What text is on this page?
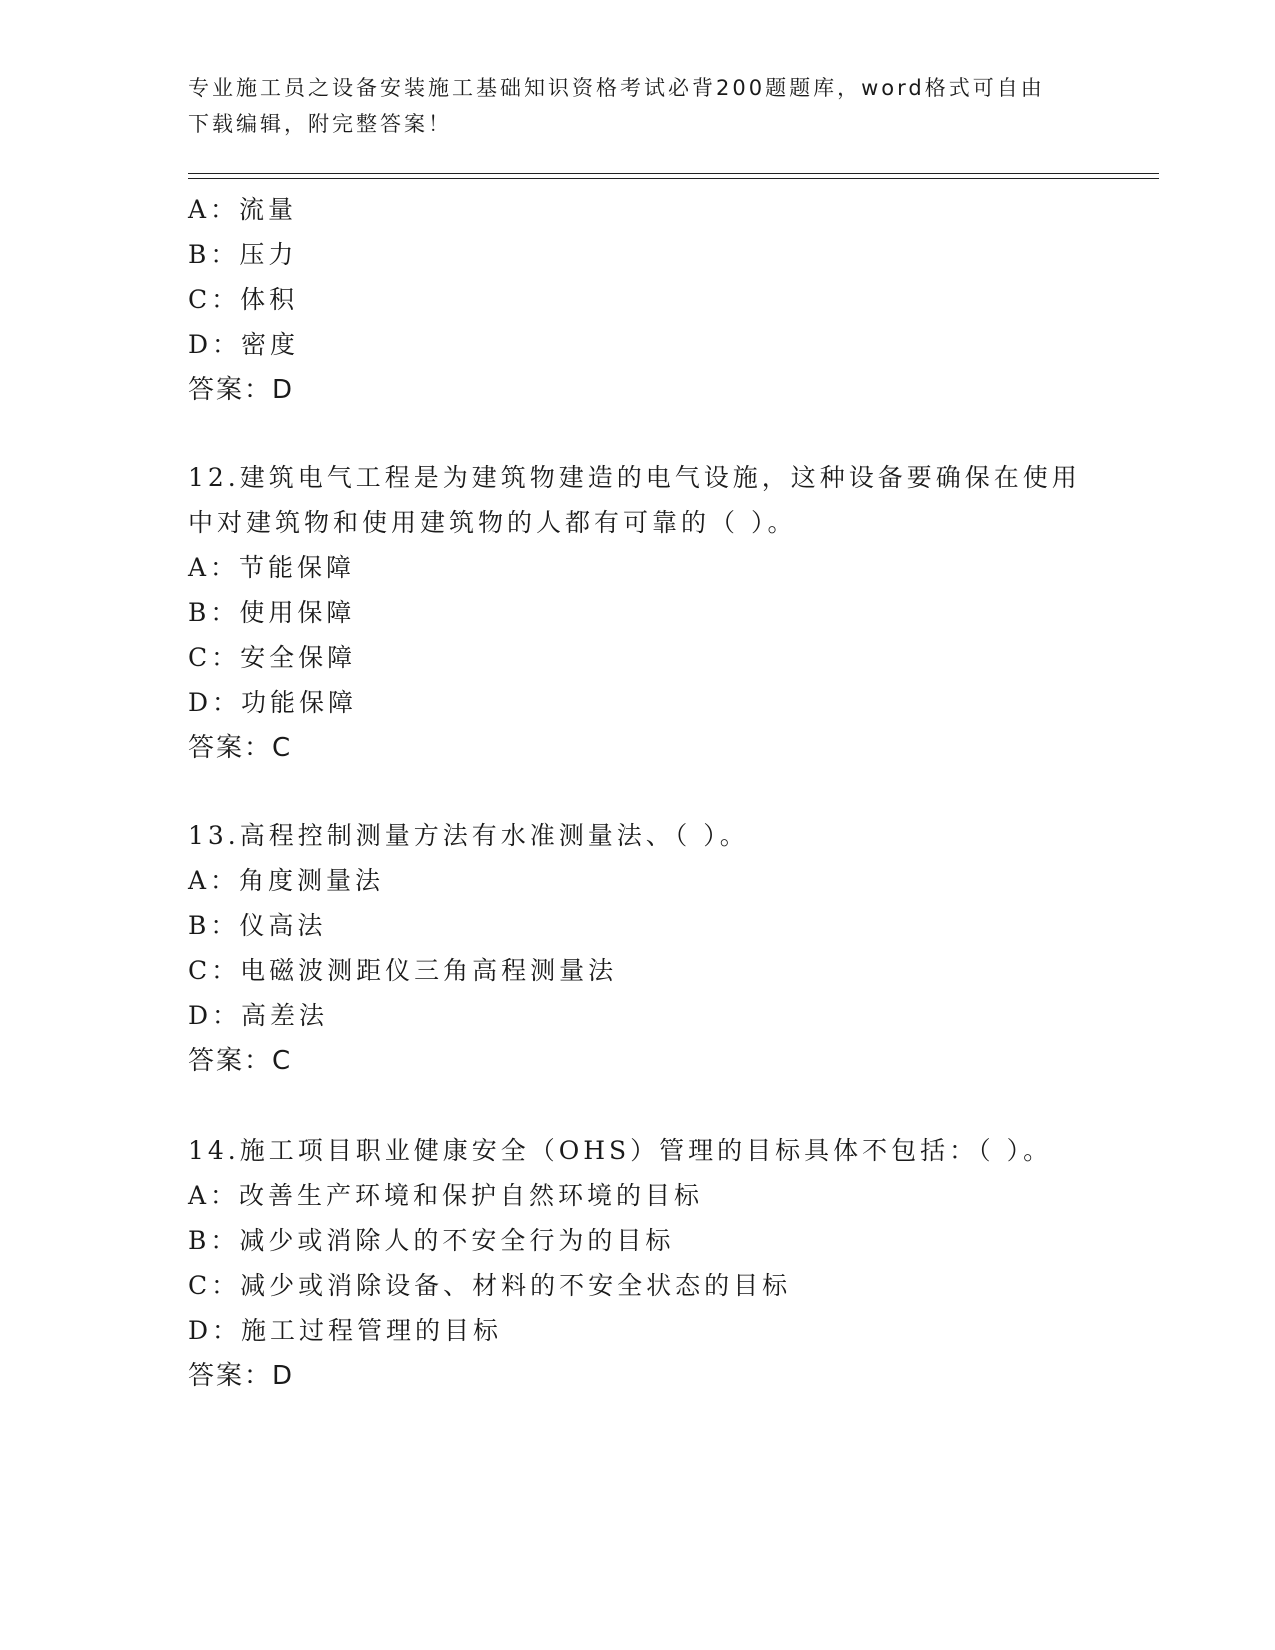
专业施工员之设备安装施工基础知识资格考试必背200题题库，word格式可自由
下载编辑，附完整答案！
A：流量
B：压力
C：体积
D：密度
答案：D
12.建筑电气工程是为建筑物建造的电气设施，这种设备要确保在使用
中对建筑物和使用建筑物的人都有可靠的（ ）。
A：节能保障
B：使用保障
C：安全保障
D：功能保障
答案：C
13.高程控制测量方法有水准测量法、（ ）。
A：角度测量法
B：仪高法
C：电磁波测距仪三角高程测量法
D：高差法
答案：C
14.施工项目职业健康安全（OHS）管理的目标具体不包括：（ ）。
A：改善生产环境和保护自然环境的目标
B：减少或消除人的不安全行为的目标
C：减少或消除设备、材料的不安全状态的目标
D：施工过程管理的目标
答案：D
